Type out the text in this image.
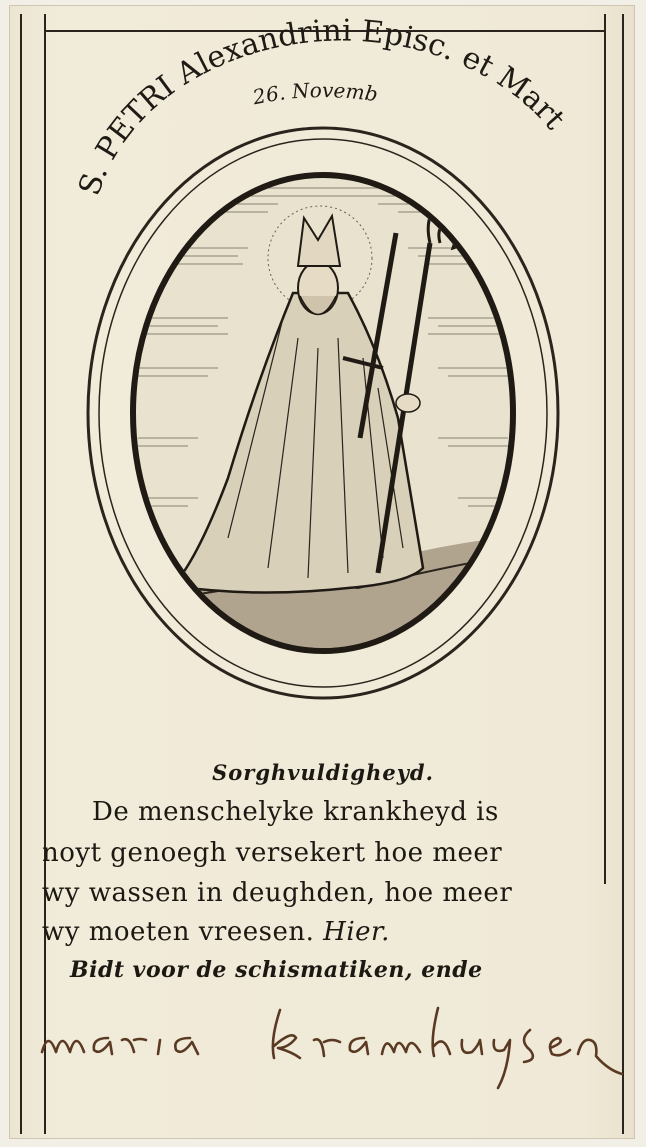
S. PETRI Alexandrini Episc. et Mart
26. Novemb
Sorghvuldigheyd.
De menschelyke krankheyd is
noyt genoegh versekert hoe meer
wy wassen in deughden, hoe meer
wy moeten vreesen. Hier.
Bidt voor de schismatiken, ende
